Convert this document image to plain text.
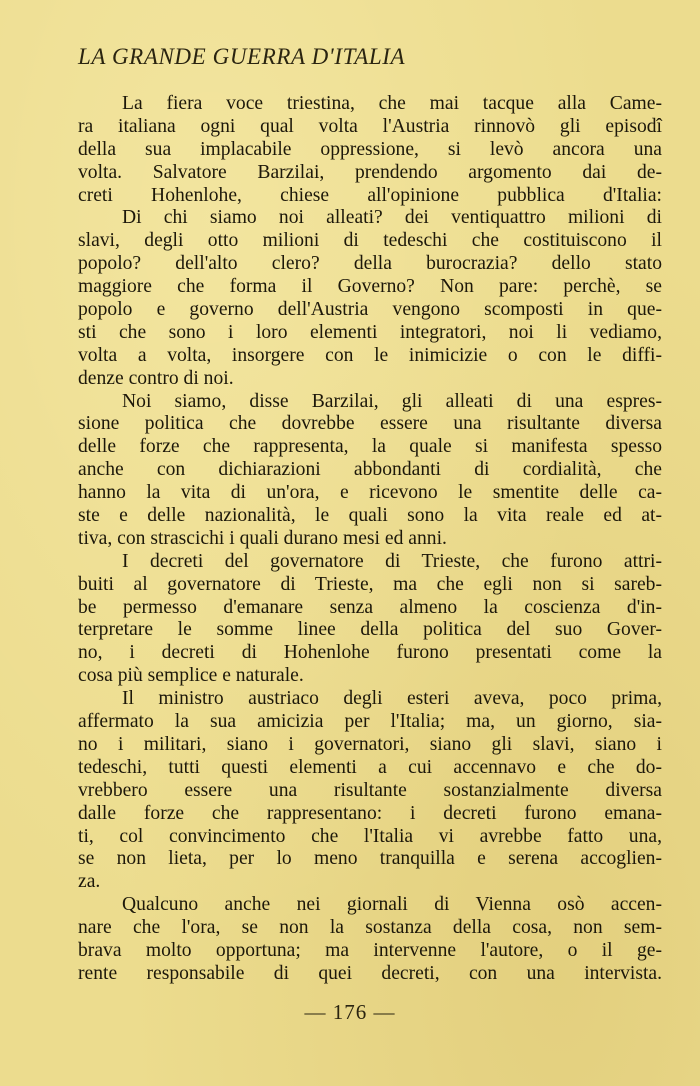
LA GRANDE GUERRA D'ITALIA
La fiera voce triestina, che mai tacque alla Came-
ra italiana ogni qual volta l'Austria rinnovò gli episodî
della sua implacabile oppressione, si levò ancora una
volta. Salvatore Barzilai, prendendo argomento dai de-
creti Hohenlohe, chiese all'opinione pubblica d'Italia:
Di chi siamo noi alleati? dei ventiquattro milioni di
slavi, degli otto milioni di tedeschi che costituiscono il
popolo? dell'alto clero? della burocrazia? dello stato
maggiore che forma il Governo? Non pare: perchè, se
popolo e governo dell'Austria vengono scomposti in que-
sti che sono i loro elementi integratori, noi li vediamo,
volta a volta, insorgere con le inimicizie o con le diffi-
denze contro di noi.
Noi siamo, disse Barzilai, gli alleati di una espres-
sione politica che dovrebbe essere una risultante diversa
delle forze che rappresenta, la quale si manifesta spesso
anche con dichiarazioni abbondanti di cordialità, che
hanno la vita di un'ora, e ricevono le smentite delle ca-
ste e delle nazionalità, le quali sono la vita reale ed at-
tiva, con strascichi i quali durano mesi ed anni.
I decreti del governatore di Trieste, che furono attri-
buiti al governatore di Trieste, ma che egli non si sareb-
be permesso d'emanare senza almeno la coscienza d'in-
terpretare le somme linee della politica del suo Gover-
no, i decreti di Hohenlohe furono presentati come la
cosa più semplice e naturale.
Il ministro austriaco degli esteri aveva, poco prima,
affermato la sua amicizia per l'Italia; ma, un giorno, sia-
no i militari, siano i governatori, siano gli slavi, siano i
tedeschi, tutti questi elementi a cui accennavo e che do-
vrebbero essere una risultante sostanzialmente diversa
dalle forze che rappresentano: i decreti furono emana-
ti, col convincimento che l'Italia vi avrebbe fatto una,
se non lieta, per lo meno tranquilla e serena accoglien-
za.
Qualcuno anche nei giornali di Vienna osò accen-
nare che l'ora, se non la sostanza della cosa, non sem-
brava molto opportuna; ma intervenne l'autore, o il ge-
rente responsabile di quei decreti, con una intervista.
— 176 —
